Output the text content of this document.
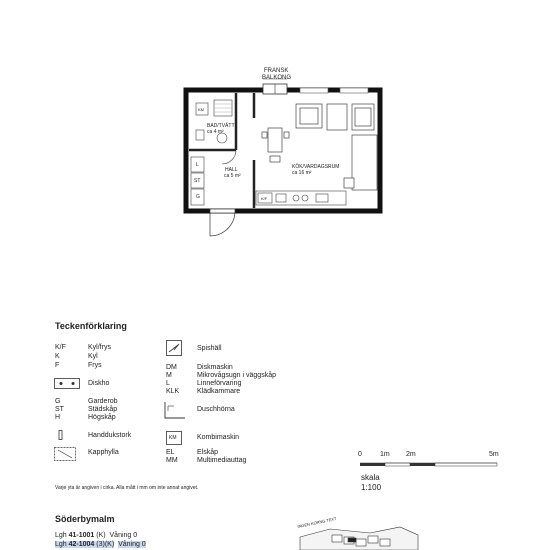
FRANSK
BALKONG
BAD/TVÄTT
ca 4 m²
HALL
ca 5 m²
KÖK/VARDAGSRUM
ca 16 m²
KM
L
ST
G	K/F
Teckenförklaring
K/F	Kyl/frys
K	Kyl
F	Frys
Diskho
G	Garderob
ST	Städskåp
H	Högskåp
Handdukstork
Kapphylla
Spishäll
DM	Diskmaskin
M	Mikrovågsugn i väggskåp
L	Linneförvaring
KLK	Klädkammare
Duschhörna
KM	Kombimaskin
EL	Elskåp
MM	Multimediauttag
0	1m 2m	5m
skala
1:100
Varje yta är angiven i cirka. Alla mått i mm om inte annat angivet.
Söderbymalm
Lgh 41-1001 (K) Våning 0
Lgh 42-1004 (3)(K) Våning 0
INGEN KORNG TEXT
